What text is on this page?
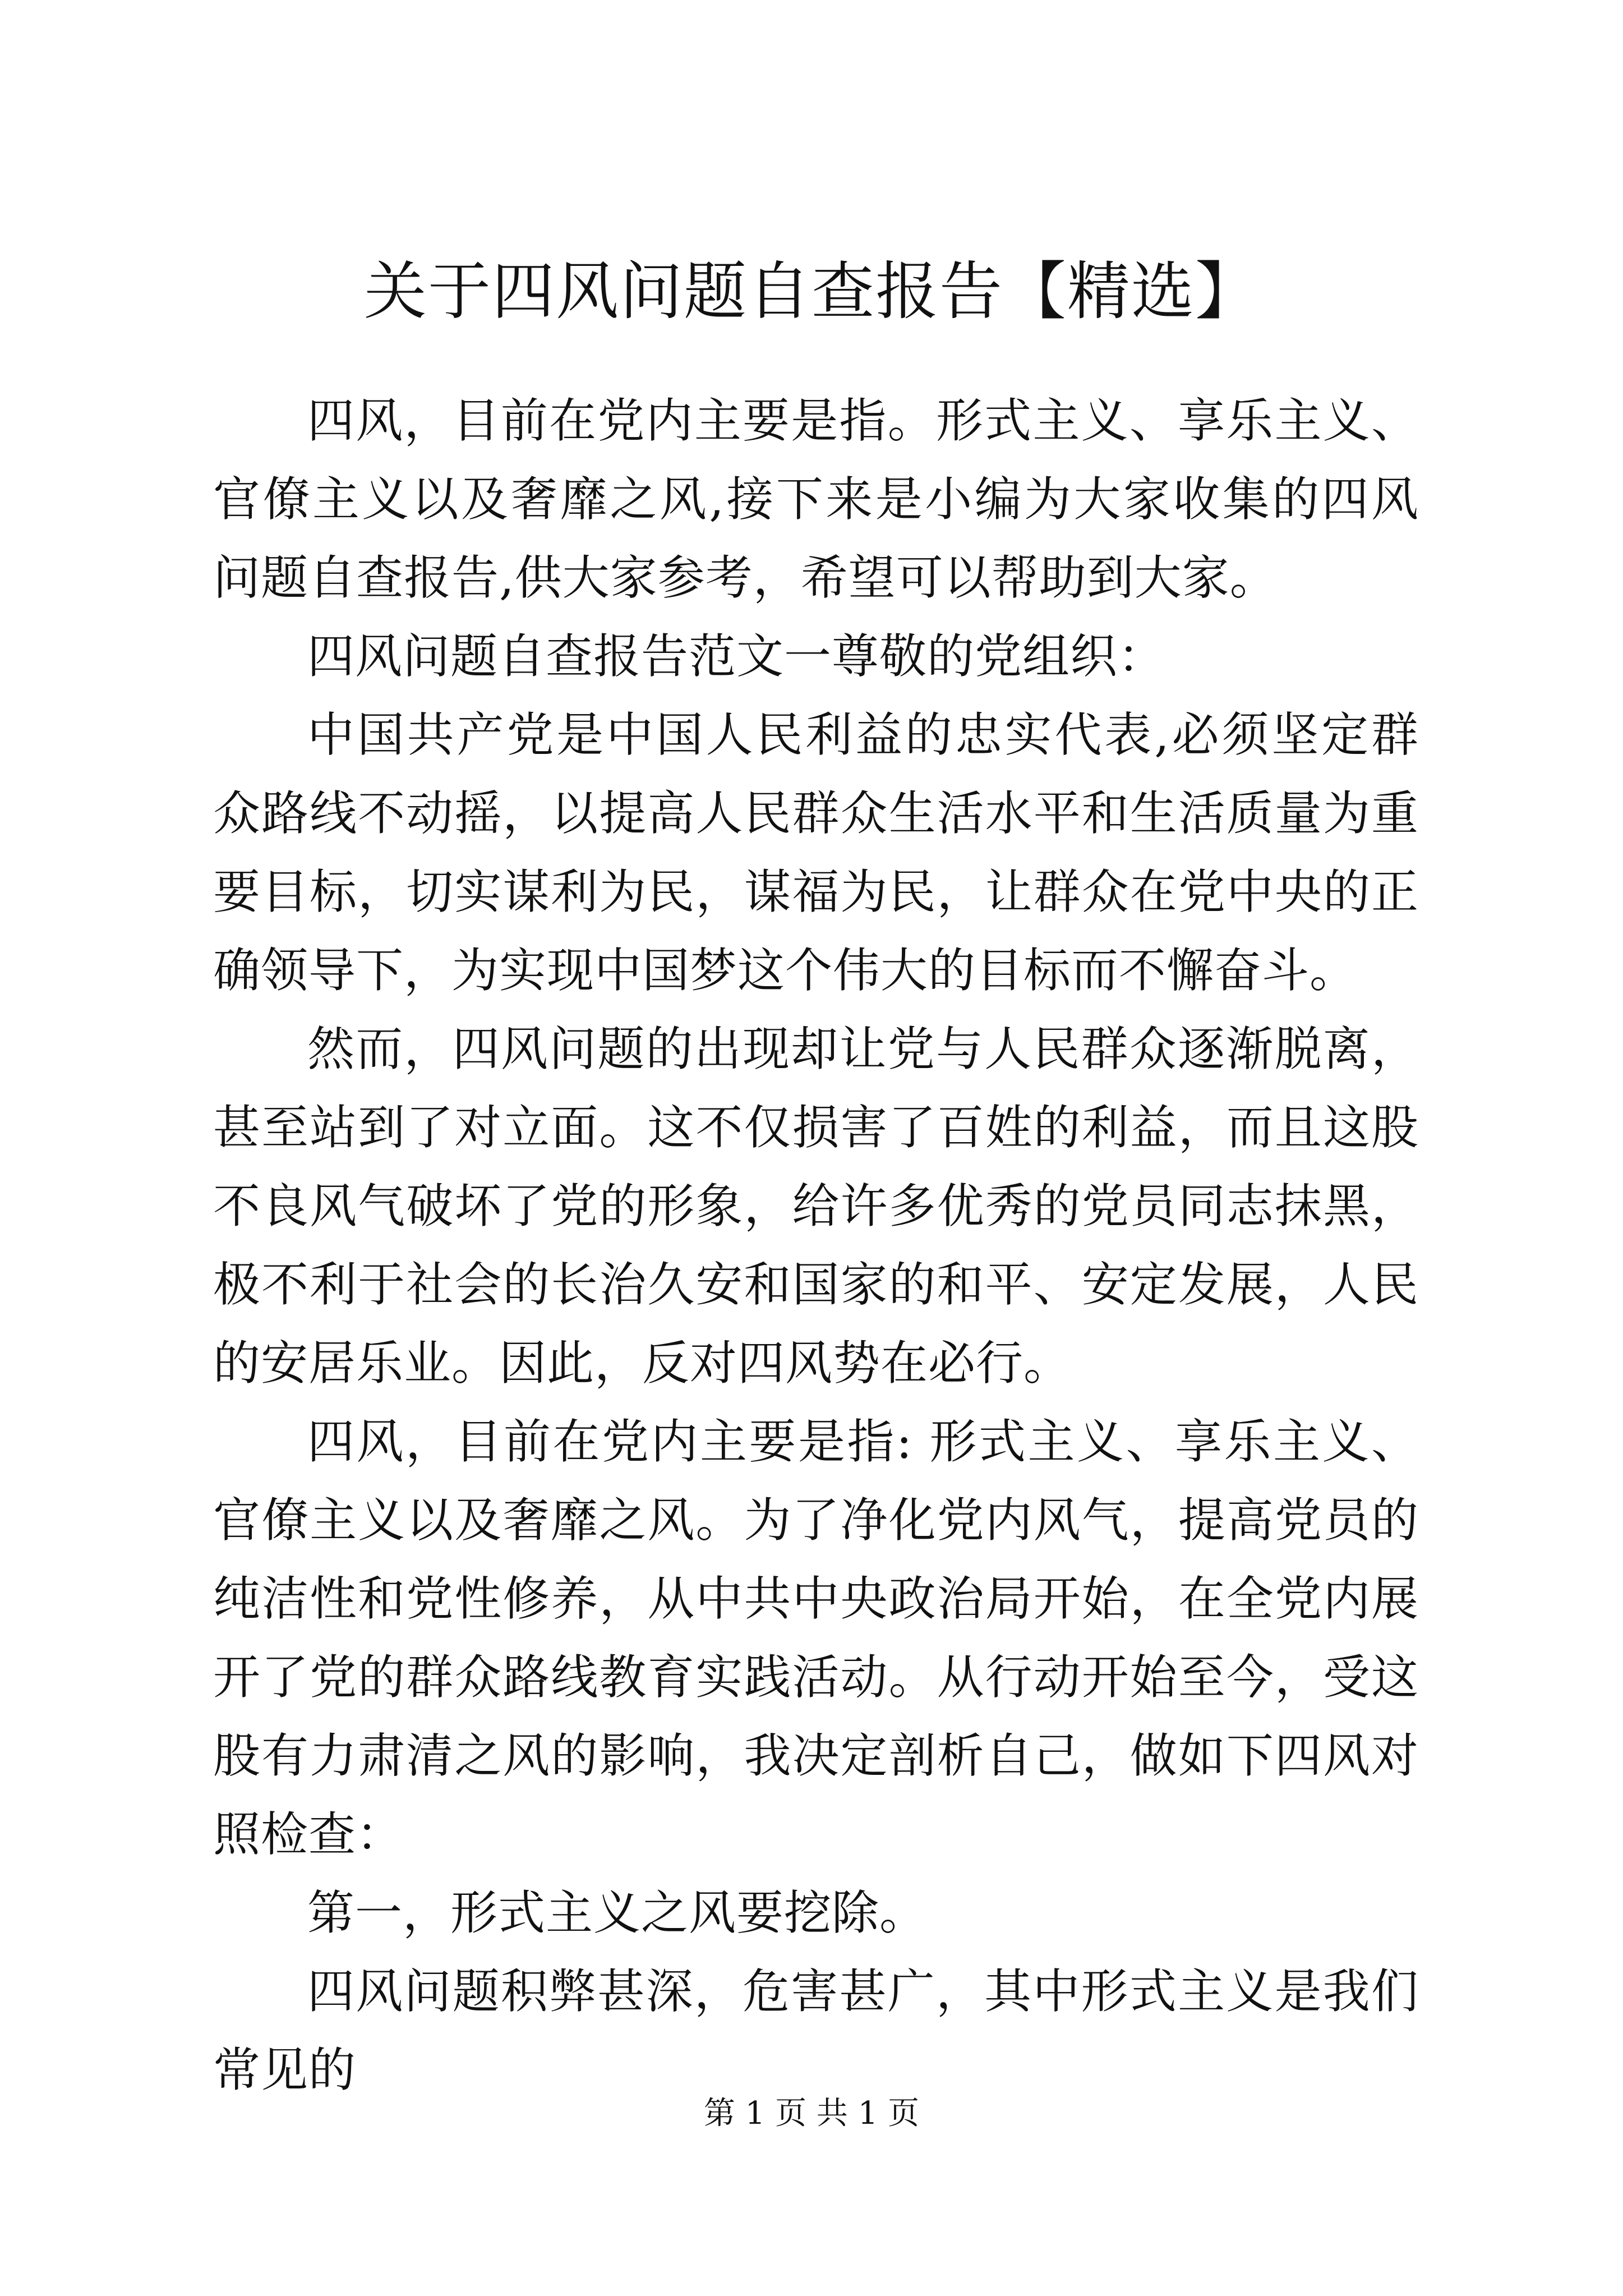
关于四风问题自查报告【精选】

四风，目前在党内主要是指。形式主义、享乐主义、官僚主义以及奢靡之风,接下来是小编为大家收集的四风问题自查报告,供大家参考，希望可以帮助到大家。

四风问题自查报告范文一尊敬的党组织：

中国共产党是中国人民利益的忠实代表,必须坚定群众路线不动摇，以提高人民群众生活水平和生活质量为重要目标，切实谋利为民，谋福为民，让群众在党中央的正确领导下，为实现中国梦这个伟大的目标而不懈奋斗。

然而，四风问题的出现却让党与人民群众逐渐脱离，甚至站到了对立面。这不仅损害了百姓的利益，而且这股不良风气破坏了党的形象，给许多优秀的党员同志抹黑，极不利于社会的长治久安和国家的和平、安定发展，人民的安居乐业。因此，反对四风势在必行。

四风，目前在党内主要是指: 形式主义、享乐主义、官僚主义以及奢靡之风。为了净化党内风气，提高党员的纯洁性和党性修养，从中共中央政治局开始，在全党内展开了党的群众路线教育实践活动。从行动开始至今，受这股有力肃清之风的影响，我决定剖析自己，做如下四风对照检查：

第一，形式主义之风要挖除。

四风问题积弊甚深，危害甚广，其中形式主义是我们常见的

第 1 页 共 1 页
